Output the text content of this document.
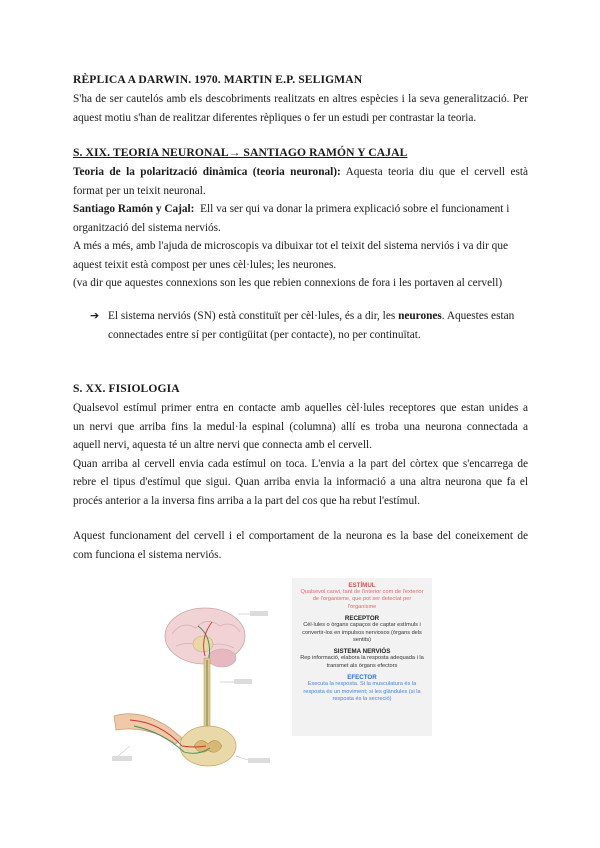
RÈPLICA A DARWIN. 1970. MARTIN E.P. SELIGMAN
S'ha de ser cautelós amb els descobriments realitzats en altres espècies i la seva generalització. Per
aquest motiu s'han de realitzar diferentes rèpliques o fer un estudi per contrastar la teoria.
S. XIX. TEORIA NEURONAL→ SANTIAGO RAMÓN Y CAJAL
Teoria de la polarització dinàmica (teoria neuronal): Aquesta teoria diu que el cervell està
format per un teixit neuronal.
Santiago Ramón y Cajal: Ell va ser qui va donar la primera explicació sobre el funcionament i
organització del sistema nerviós.
A més a més, amb l'ajuda de microscopis va dibuixar tot el teixit del sistema nerviós i va dir que
aquest teixit està compost per unes cèl·lules; les neurones.
(va dir que aquestes connexions son les que rebien connexions de fora i les portaven al cervell)
➔ El sistema nerviós (SN) està constituït per cèl·lules, és a dir, les neurones. Aquestes estan
connectades entre sí per contigüitat (per contacte), no per continuïtat.
S. XX. FISIOLOGIA
Qualsevol estímul primer entra en contacte amb aquelles cèl·lules receptores que estan unides a
un nervi que arriba fins la medul·la espinal (columna) allí es troba una neurona connectada a
aquell nervi, aquesta té un altre nervi que connecta amb el cervell.
Quan arriba al cervell envia cada estímul on toca. L'envia a la part del còrtex que s'encarrega de
rebre el tipus d'estímul que sigui. Quan arriba envia la informació a una altra neurona que fa el
procés anterior a la inversa fins arriba a la part del cos que ha rebut l'estímul.
Aquest funcionament del cervell i el comportament de la neurona es la base del coneixement de
com funciona el sistema nerviós.
ESTÍMUL
Qualsevol canvi, tant de l'interior com de l'exterior de l'organisme, que pot ser detectat per l'organisme
RECEPTOR
Cèl·lules o òrgans capaços de captar estímuls i convertir-los en impulsos nerviosos (òrgans dels sentits)
SISTEMA NERVIÓS
Rep informació, elabora la resposta adequada i la transmet als òrgans efectors
EFECTOR
Executa la resposta. Si la musculatura és la resposta és un moviment; si les glàndules (si la resposta és la secreció)
